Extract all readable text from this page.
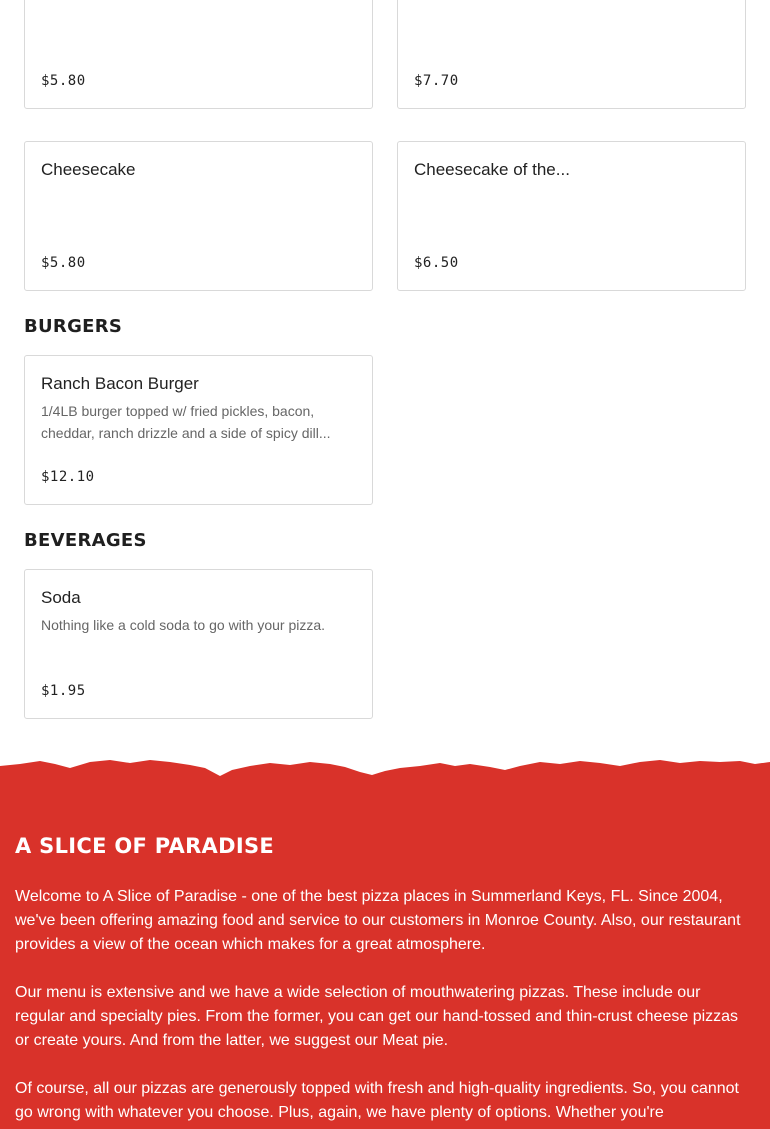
$5.80	$7.70
Cheesecake
$5.80
Cheesecake of the...
$6.50
BURGERS
Ranch Bacon Burger
1/4LB burger topped w/ fried pickles, bacon, cheddar, ranch drizzle and a side of spicy dill...
$12.10
BEVERAGES
Soda
Nothing like a cold soda to go with your pizza.
$1.95
A SLICE OF PARADISE

Welcome to A Slice of Paradise - one of the best pizza places in Summerland Keys, FL. Since 2004, we've been offering amazing food and service to our customers in Monroe County. Also, our restaurant provides a view of the ocean which makes for a great atmosphere.

Our menu is extensive and we have a wide selection of mouthwatering pizzas. These include our regular and specialty pies. From the former, you can get our hand-tossed and thin-crust cheese pizzas or create yours. And from the latter, we suggest our Meat pie.

Of course, all our pizzas are generously topped with fresh and high-quality ingredients. So, you cannot go wrong with whatever you choose. Plus, again, we have plenty of options. Whether you're
